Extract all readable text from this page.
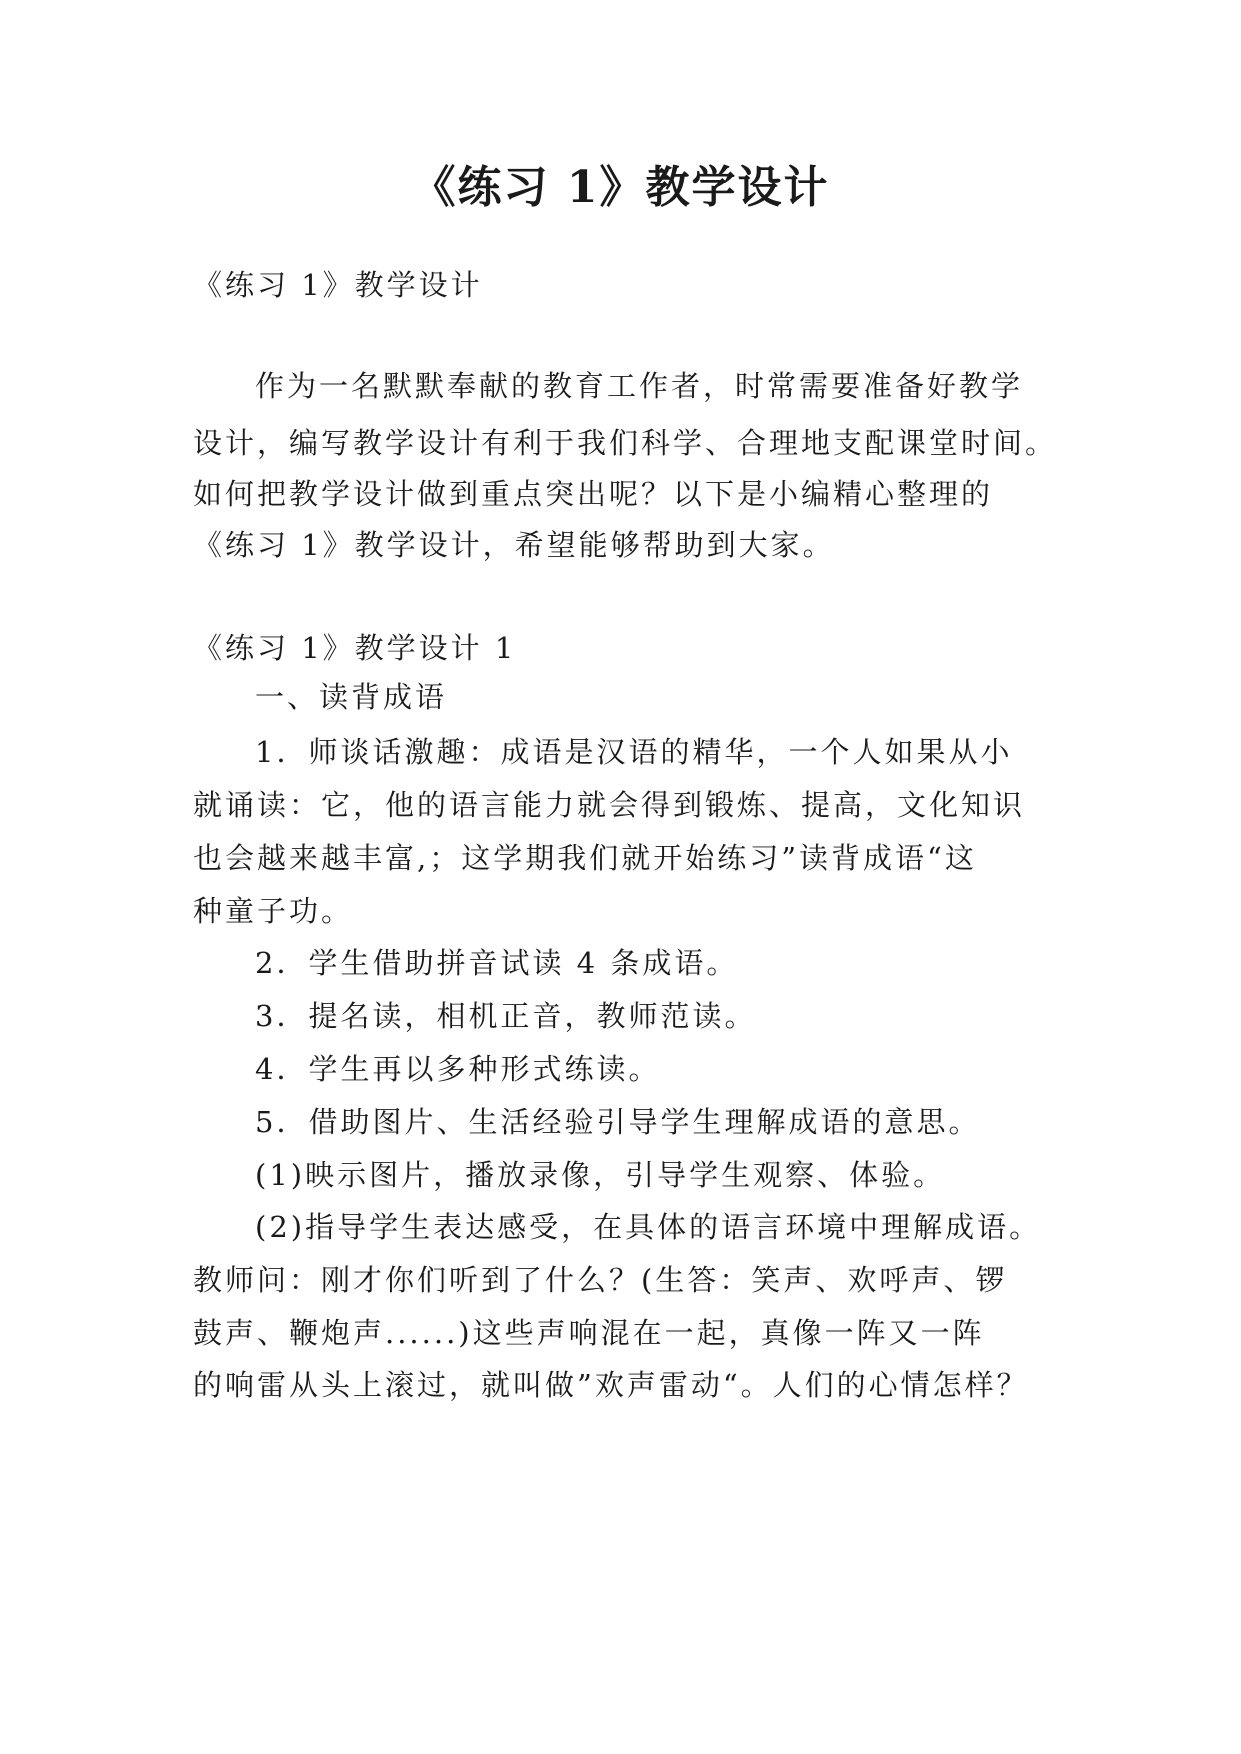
《练习 1》教学设计
《练习 1》教学设计
作为一名默默奉献的教育工作者，时常需要准备好教学
设计，编写教学设计有利于我们科学、合理地支配课堂时间。
如何把教学设计做到重点突出呢？以下是小编精心整理的
《练习 1》教学设计，希望能够帮助到大家。
《练习 1》教学设计 1
一、读背成语
1．师谈话激趣：成语是汉语的精华，一个人如果从小
就诵读：它，他的语言能力就会得到锻炼、提高，文化知识
也会越来越丰富,；这学期我们就开始练习”读背成语“这
种童子功。
2．学生借助拼音试读 4 条成语。
3．提名读，相机正音，教师范读。
4．学生再以多种形式练读。
5．借助图片、生活经验引导学生理解成语的意思。
(1)映示图片，播放录像，引导学生观察、体验。
(2)指导学生表达感受，在具体的语言环境中理解成语。
教师问：刚才你们听到了什么？(生答：笑声、欢呼声、锣
鼓声、鞭炮声......)这些声响混在一起，真像一阵又一阵
的响雷从头上滚过，就叫做”欢声雷动“。人们的心情怎样？
